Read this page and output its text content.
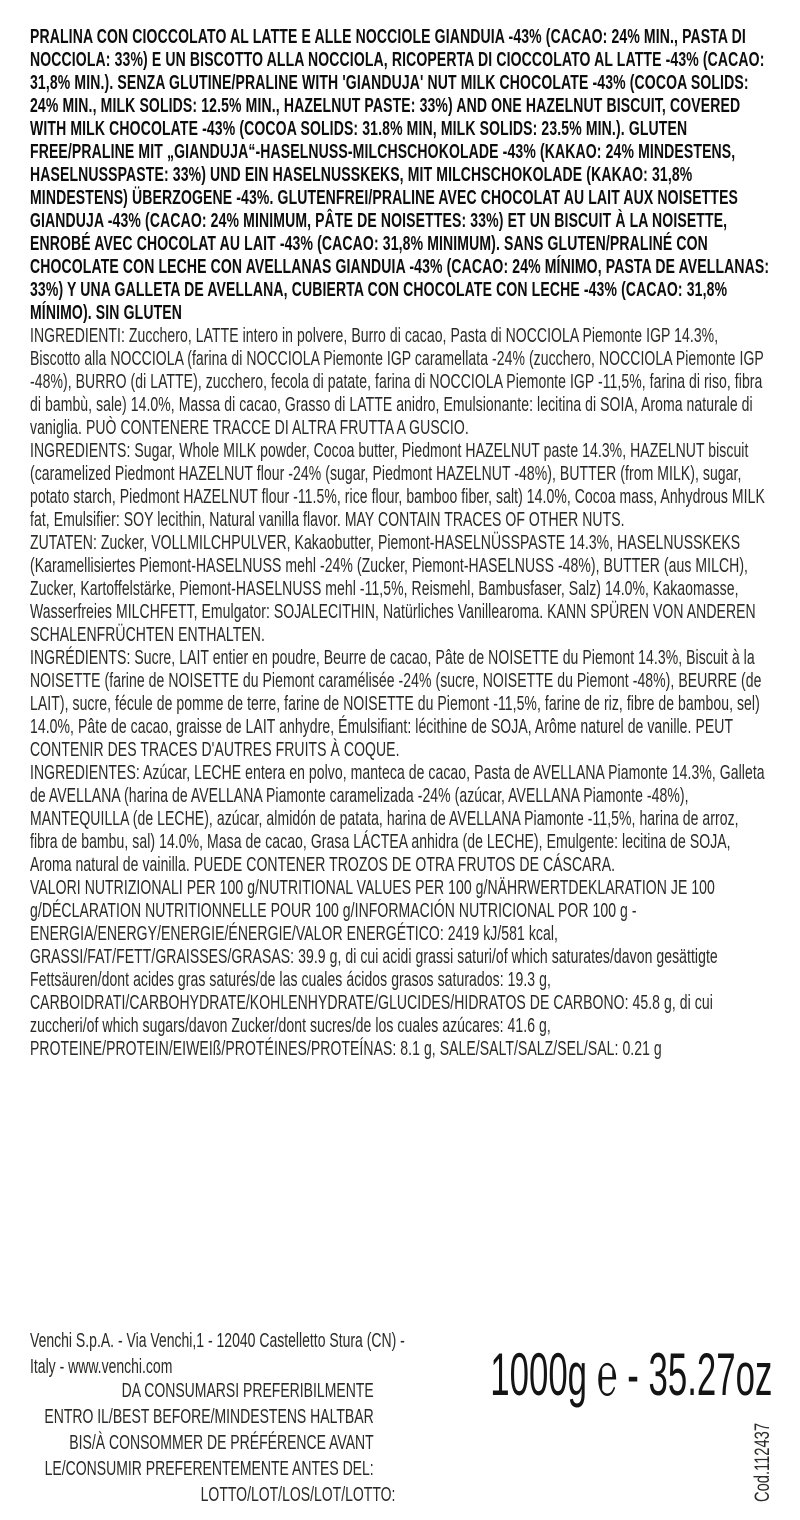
PRALINA CON CIOCCOLATO AL LATTE E ALLE NOCCIOLE GIANDUIA -43% (CACAO: 24% MIN., PASTA DI NOCCIOLA: 33%) E UN BISCOTTO ALLA NOCCIOLA, RICOPERTA DI CIOCCOLATO AL LATTE -43% (CACAO: 31,8% MIN.). SENZA GLUTINE/PRALINE WITH 'GIANDUJA' NUT MILK CHOCOLATE -43% (COCOA SOLIDS: 24% MIN., MILK SOLIDS: 12.5% MIN., HAZELNUT PASTE: 33%) AND ONE HAZELNUT BISCUIT, COVERED WITH MILK CHOCOLATE -43% (COCOA SOLIDS: 31.8% MIN, MILK SOLIDS: 23.5% MIN.). GLUTEN FREE/PRALINE MIT „GIANDUJA“-HASELNUSS-MILCHSCHOKOLADE -43% (KAKAO: 24% MINDESTENS, HASELNUSSPASTE: 33%) UND EIN HASELNUSSKEKS, MIT MILCHSCHOKOLADE (KAKAO: 31,8% MINDESTENS) ÜBERZOGENE -43%. GLUTENFREI/PRALINE AVEC CHOCOLAT AU LAIT AUX NOISETTES GIANDUJA -43% (CACAO: 24% MINIMUM, PÂTE DE NOISETTES: 33%) ET UN BISCUIT À LA NOISETTE, ENROBÉ AVEC CHOCOLAT AU LAIT -43% (CACAO: 31,8% MINIMUM). SANS GLUTEN/PRALINÉ CON CHOCOLATE CON LECHE CON AVELLANAS GIANDUIA -43% (CACAO: 24% MÍNIMO, PASTA DE AVELLANAS: 33%) Y UNA GALLETA DE AVELLANA, CUBIERTA CON CHOCOLATE CON LECHE -43% (CACAO: 31,8% MÍNIMO). SIN GLUTEN

INGREDIENTI: Zucchero, LATTE intero in polvere, Burro di cacao, Pasta di NOCCIOLA Piemonte IGP 14.3%, Biscotto alla NOCCIOLA (farina di NOCCIOLA Piemonte IGP caramellata -24% (zucchero, NOCCIOLA Piemonte IGP -48%), BURRO (di LATTE), zucchero, fecola di patate, farina di NOCCIOLA Piemonte IGP -11,5%, farina di riso, fibra di bambù, sale) 14.0%, Massa di cacao, Grasso di LATTE anidro, Emulsionante: lecitina di SOIA, Aroma naturale di vaniglia. PUÒ CONTENERE TRACCE DI ALTRA FRUTTA A GUSCIO.

INGREDIENTS: Sugar, Whole MILK powder, Cocoa butter, Piedmont HAZELNUT paste 14.3%, HAZELNUT biscuit (caramelized Piedmont HAZELNUT flour -24% (sugar, Piedmont HAZELNUT -48%), BUTTER (from MILK), sugar, potato starch, Piedmont HAZELNUT flour -11.5%, rice flour, bamboo fiber, salt) 14.0%, Cocoa mass, Anhydrous MILK fat, Emulsifier: SOY lecithin, Natural vanilla flavor. MAY CONTAIN TRACES OF OTHER NUTS.

ZUTATEN: Zucker, VOLLMILCHPULVER, Kakaobutter, Piemont-HASELNÜSSPASTE 14.3%, HASELNUSSKEKS (Karamellisiertes Piemont-HASELNUSS mehl -24% (Zucker, Piemont-HASELNUSS -48%), BUTTER (aus MILCH), Zucker, Kartoffelstärke, Piemont-HASELNUSS mehl -11,5%, Reismehl, Bambusfaser, Salz) 14.0%, Kakaomasse, Wasserfreies MILCHFETT, Emulgator: SOJALECITHIN, Natürliches Vanillearoma. KANN SPÜREN VON ANDEREN SCHALENFRÜCHTEN ENTHALTEN.

INGRÉDIENTS: Sucre, LAIT entier en poudre, Beurre de cacao, Pâte de NOISETTE du Piemont 14.3%, Biscuit à la NOISETTE (farine de NOISETTE du Piemont caramélisée -24% (sucre, NOISETTE du Piemont -48%), BEURRE (de LAIT), sucre, fécule de pomme de terre, farine de NOISETTE du Piemont -11,5%, farine de riz, fibre de bambou, sel) 14.0%, Pâte de cacao, graisse de LAIT anhydre, Émulsifiant: lécithine de SOJA, Arôme naturel de vanille. PEUT CONTENIR DES TRACES D'AUTRES FRUITS À COQUE.

INGREDIENTES: Azúcar, LECHE entera en polvo, manteca de cacao, Pasta de AVELLANA Piamonte 14.3%, Galleta de AVELLANA (harina de AVELLANA Piamonte caramelizada -24% (azúcar, AVELLANA Piamonte -48%), MANTEQUILLA (de LECHE), azúcar, almidón de patata, harina de AVELLANA Piamonte -11,5%, harina de arroz, fibra de bambu, sal) 14.0%, Masa de cacao, Grasa LÁCTEA anhidra (de LECHE), Emulgente: lecitina de SOJA, Aroma natural de vainilla. PUEDE CONTENER TROZOS DE OTRA FRUTOS DE CÁSCARA.

VALORI NUTRIZIONALI PER 100 g/NUTRITIONAL VALUES PER 100 g/NÄHRWERTDEKLARATION JE 100 g/DÉCLARATION NUTRITIONNELLE POUR 100 g/INFORMACIÓN NUTRICIONAL POR 100 g -
ENERGIA/ENERGY/ENERGIE/ÉNERGIE/VALOR ENERGÉTICO: 2419 kJ/581 kcal,
GRASSI/FAT/FETT/GRAISSES/GRASAS: 39.9 g, di cui acidi grassi saturi/of which saturates/davon gesättigte Fettsäuren/dont acides gras saturés/de las cuales ácidos grasos saturados: 19.3 g,
CARBOIDRATI/CARBOHYDRATE/KOHLENHYDRATE/GLUCIDES/HIDRATOS DE CARBONO: 45.8 g, di cui zuccheri/of which sugars/davon Zucker/dont sucres/de los cuales azúcares: 41.6 g,
PROTEINE/PROTEIN/EIWEIß/PROTÉINES/PROTEÍNAS: 8.1 g, SALE/SALT/SALZ/SEL/SAL: 0.21 g
Venchi S.p.A. - Via Venchi,1 - 12040 Castelletto Stura (CN) -
Italy - www.venchi.com
DA CONSUMARSI PREFERIBILMENTE
ENTRO IL/BEST BEFORE/MINDESTENS HALTBAR
BIS/À CONSOMMER DE PRÉFÉRENCE AVANT
LE/CONSUMIR PREFERENTEMENTE ANTES DEL:
LOTTO/LOT/LOS/LOT/LOTTO:
1000g ℮ - 35.27oz
Cod.112437
